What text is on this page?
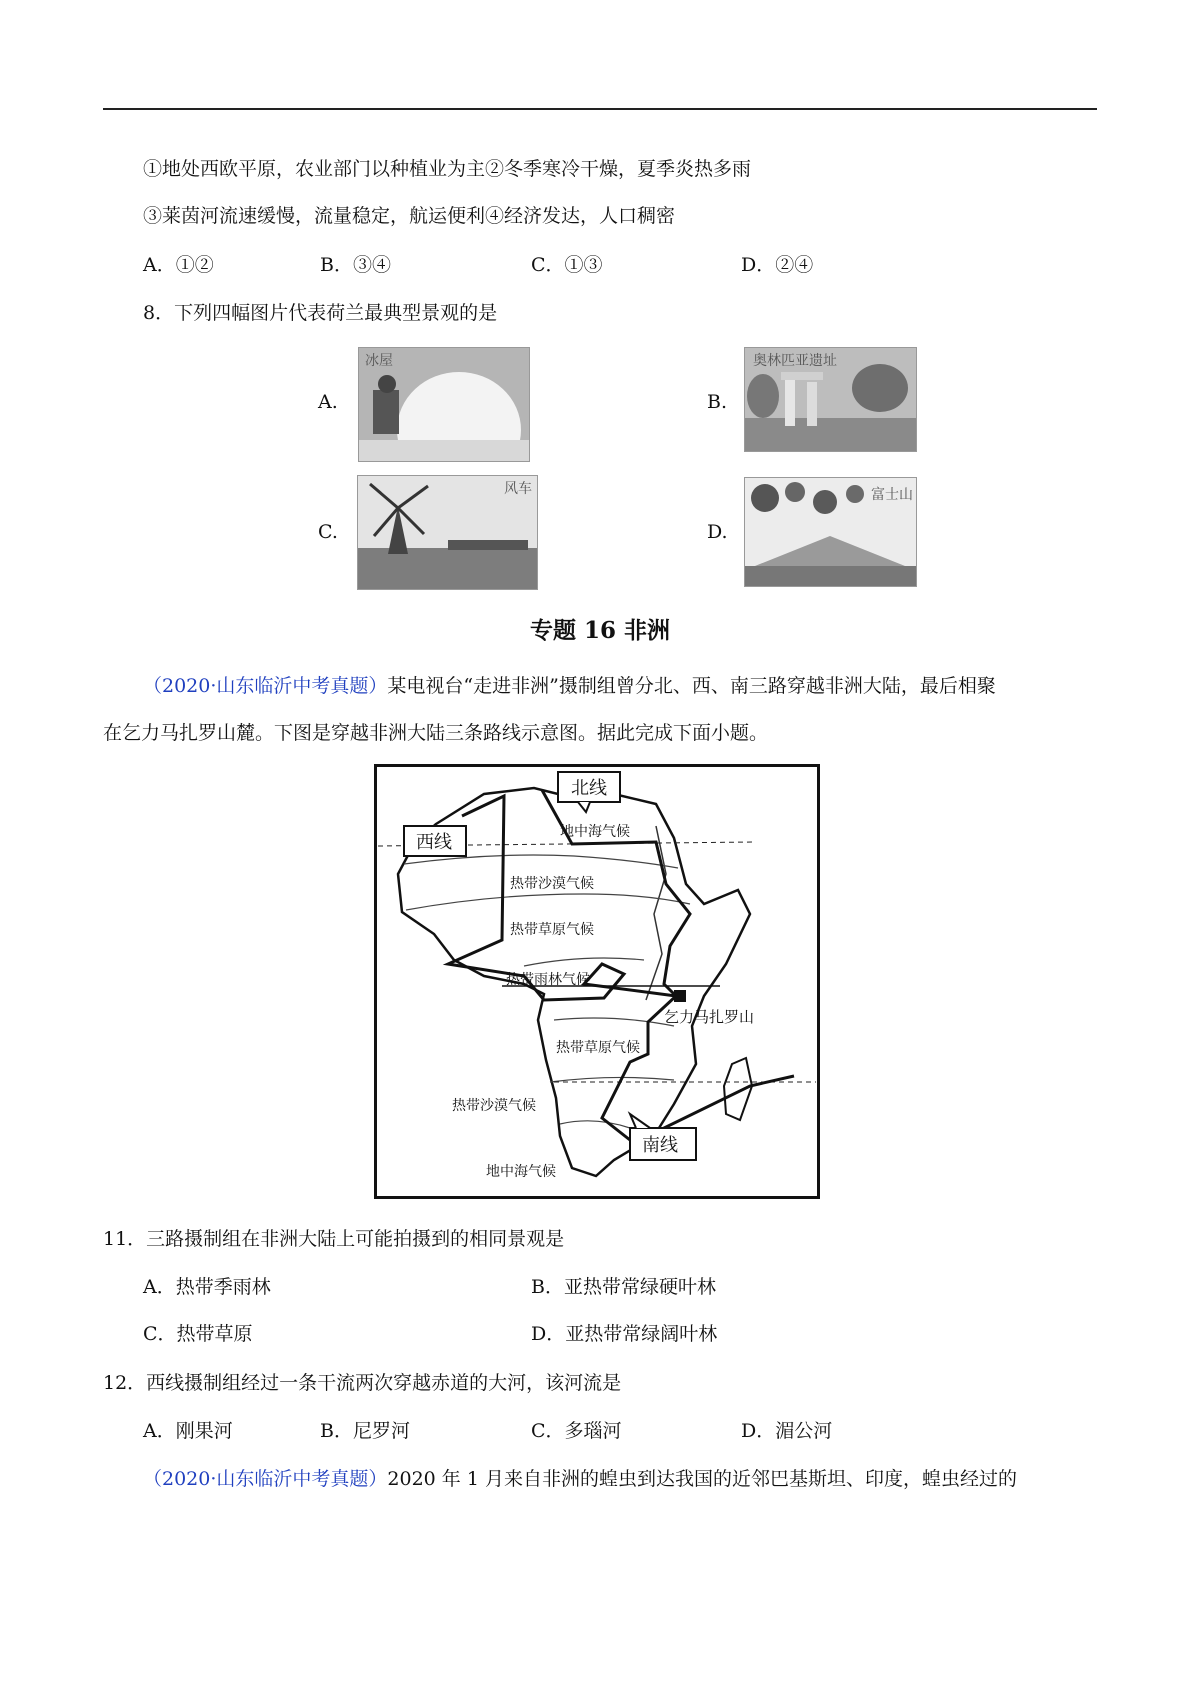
①地处西欧平原，农业部门以种植业为主②冬季寒冷干燥，夏季炎热多雨
③莱茵河流速缓慢，流量稳定，航运便利④经济发达，人口稠密
A．①②	B．③④	C．①③	D．②④
8．下列四幅图片代表荷兰最典型景观的是
A.
冰屋
B.
奥林匹亚遗址
C.
风车
D.
富士山
专题 16 非洲
（2020·山东临沂中考真题）某电视台“走进非洲”摄制组曾分北、西、南三路穿越非洲大陆，最后相聚
在乞力马扎罗山麓。下图是穿越非洲大陆三条路线示意图。据此完成下面小题。
北线
西线
南线
乞力马扎罗山
地中海气候
热带沙漠气候
热带草原气候
热带雨林气候
热带草原气候
热带沙漠气候
地中海气候
11．三路摄制组在非洲大陆上可能拍摄到的相同景观是
A．热带季雨林	B．亚热带常绿硬叶林
C．热带草原	D．亚热带常绿阔叶林
12．西线摄制组经过一条干流两次穿越赤道的大河，该河流是
A．刚果河	B．尼罗河	C．多瑙河	D．湄公河
（2020·山东临沂中考真题）2020 年 1 月来自非洲的蝗虫到达我国的近邻巴基斯坦、印度，蝗虫经过的
